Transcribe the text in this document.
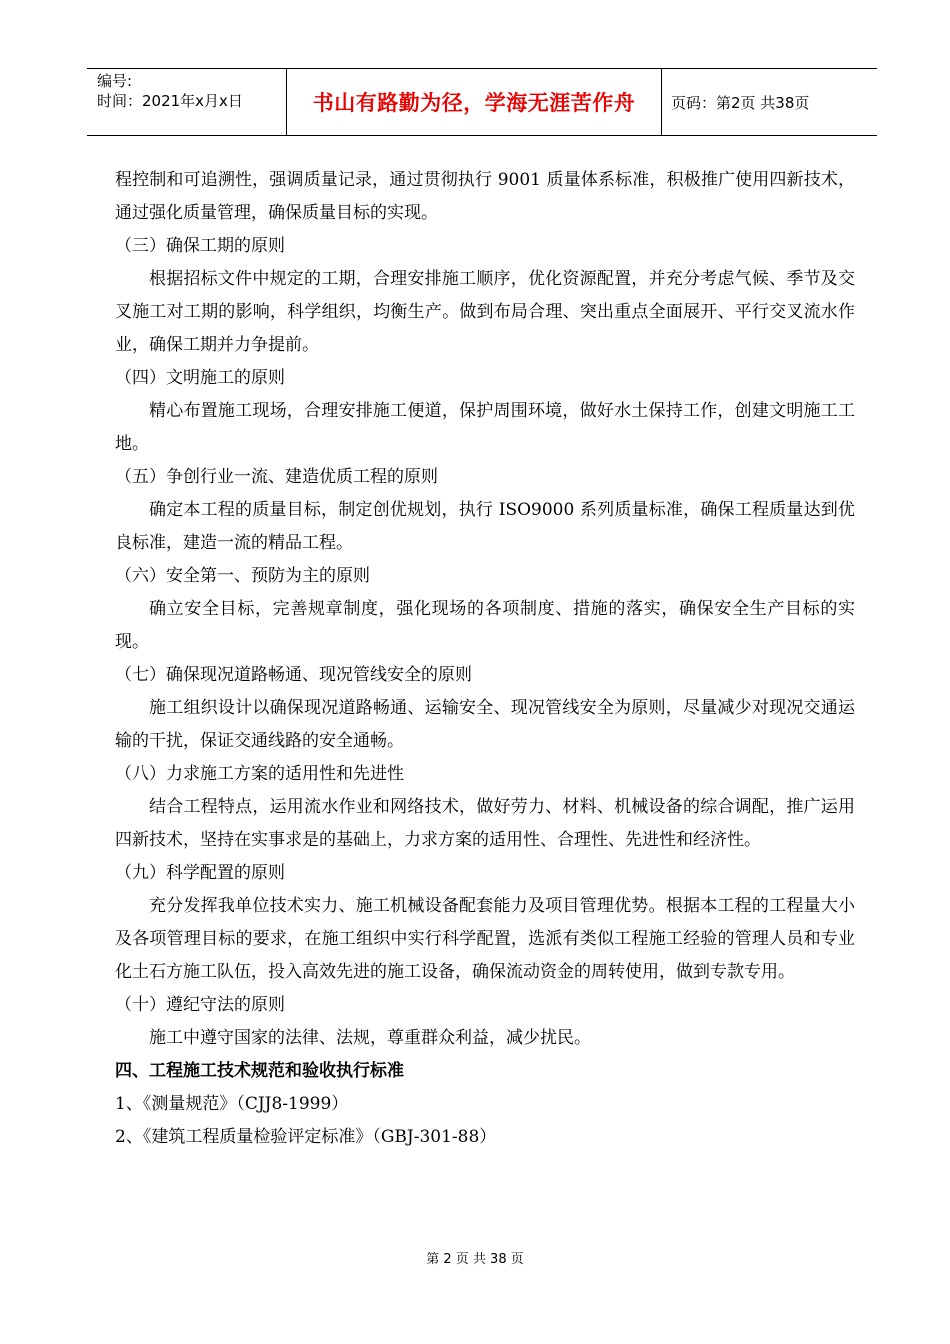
编号:
时间：2021年x月x日	书山有路勤为径，学海无涯苦作舟	页码：第2页 共38页

程控制和可追溯性，强调质量记录，通过贯彻执行 9001 质量体系标准，积极推广使用四新技术，通过强化质量管理，确保质量目标的实现。

（三）确保工期的原则

根据招标文件中规定的工期，合理安排施工顺序，优化资源配置，并充分考虑气候、季节及交叉施工对工期的影响，科学组织，均衡生产。做到布局合理、突出重点全面展开、平行交叉流水作业，确保工期并力争提前。

（四）文明施工的原则

精心布置施工现场，合理安排施工便道，保护周围环境，做好水土保持工作，创建文明施工工地。

（五）争创行业一流、建造优质工程的原则

确定本工程的质量目标，制定创优规划，执行 ISO9000 系列质量标准，确保工程质量达到优良标准，建造一流的精品工程。

（六）安全第一、预防为主的原则

确立安全目标，完善规章制度，强化现场的各项制度、措施的落实，确保安全生产目标的实现。

（七）确保现况道路畅通、现况管线安全的原则

施工组织设计以确保现况道路畅通、运输安全、现况管线安全为原则，尽量减少对现况交通运输的干扰，保证交通线路的安全通畅。

（八）力求施工方案的适用性和先进性

结合工程特点，运用流水作业和网络技术，做好劳力、材料、机械设备的综合调配，推广运用四新技术，坚持在实事求是的基础上，力求方案的适用性、合理性、先进性和经济性。

（九）科学配置的原则

充分发挥我单位技术实力、施工机械设备配套能力及项目管理优势。根据本工程的工程量大小及各项管理目标的要求，在施工组织中实行科学配置，选派有类似工程施工经验的管理人员和专业化土石方施工队伍，投入高效先进的施工设备，确保流动资金的周转使用，做到专款专用。

（十）遵纪守法的原则

施工中遵守国家的法律、法规，尊重群众利益，减少扰民。

四、工程施工技术规范和验收执行标准

1、《测量规范》（CJJ8-1999）

2、《建筑工程质量检验评定标准》（GBJ-301-88）

第 2 页 共 38 页
